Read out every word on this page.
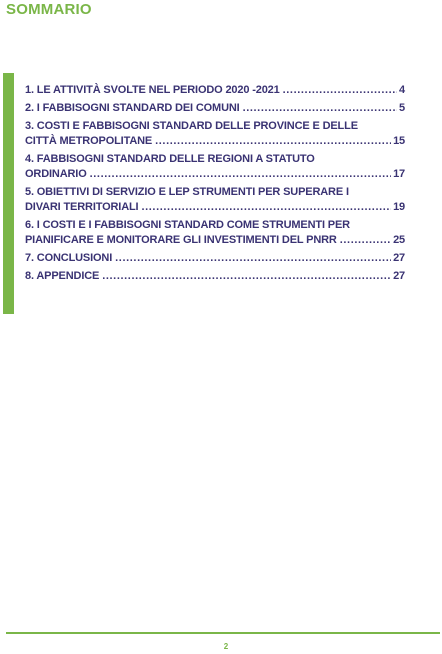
SOMMARIO
1. LE ATTIVITÀ SVOLTE NEL PERIODO 2020 -2021 .....	4
2. I FABBISOGNI STANDARD DEI COMUNI .....	5
3. COSTI E FABBISOGNI STANDARD DELLE PROVINCE E DELLE
CITTÀ METROPOLITANE .....	15
4. FABBISOGNI STANDARD DELLE REGIONI A STATUTO
ORDINARIO .....	17
5. OBIETTIVI DI SERVIZIO E LEP STRUMENTI PER SUPERARE I
DIVARI TERRITORIALI .....	19
6. I COSTI E I FABBISOGNI STANDARD COME STRUMENTI PER
PIANIFICARE E MONITORARE GLI INVESTIMENTI DEL PNRR .....	25
7. CONCLUSIONI .....	27
8. APPENDICE .....	27
2
